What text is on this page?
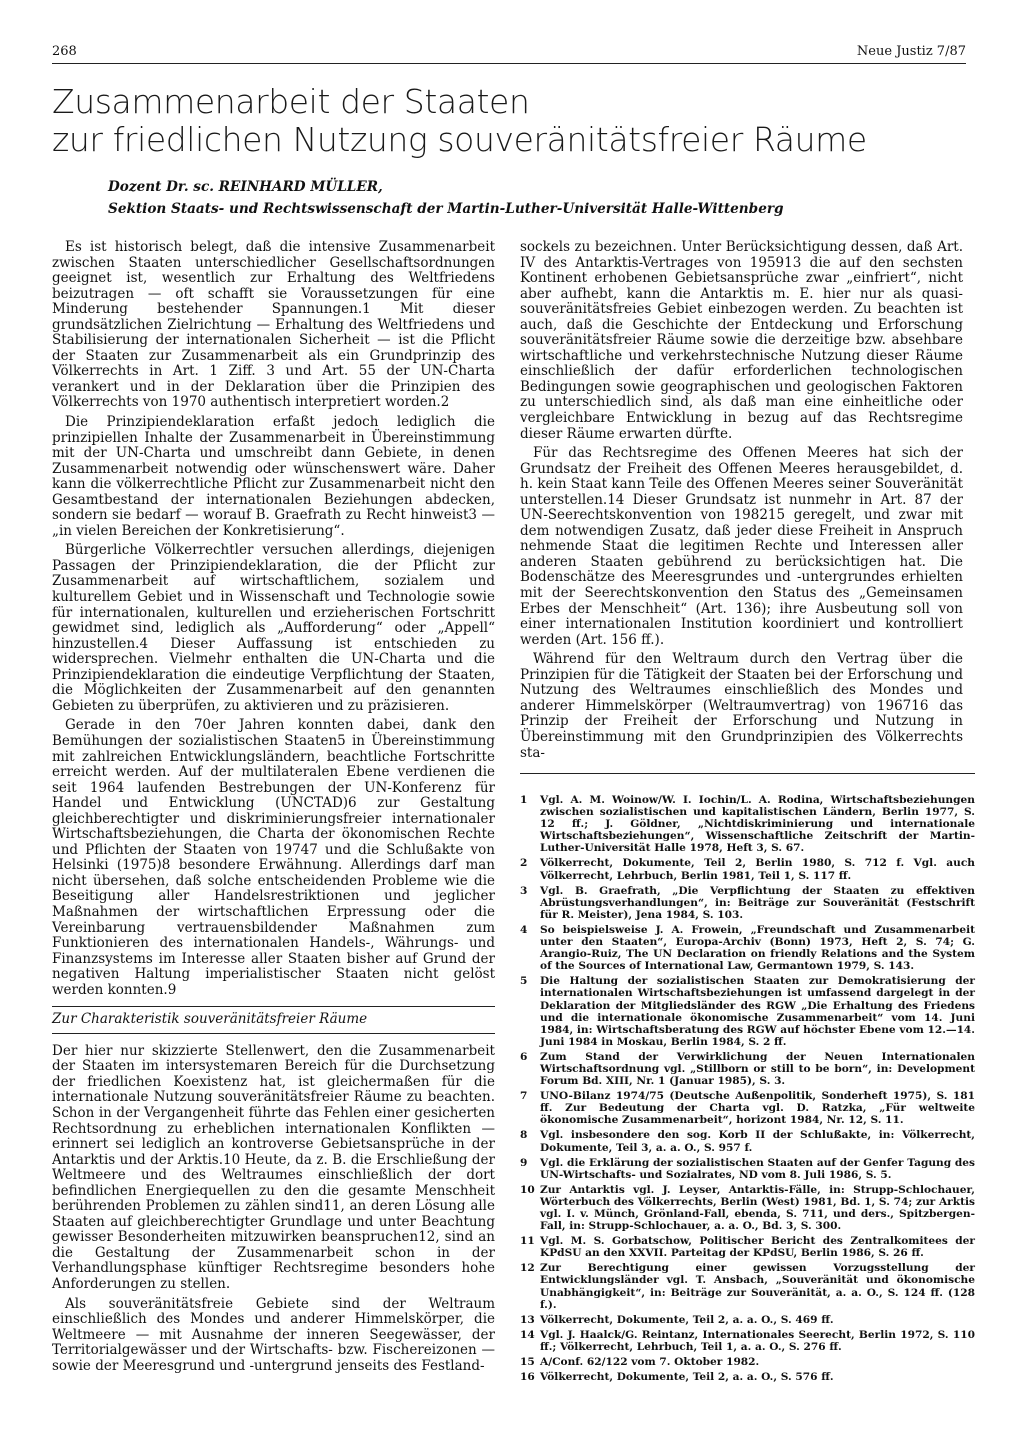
268	Neue Justiz 7/87
Zusammenarbeit der Staaten
zur friedlichen Nutzung souveränitätsfreier Räume
Dozent Dr. sc. REINHARD MÜLLER,
Sektion Staats- und Rechtswissenschaft der Martin-Luther-Universität Halle-Wittenberg

Es ist historisch belegt, daß die intensive Zusammenarbeit zwischen Staaten unterschiedlicher Gesellschaftsordnungen geeignet ist, wesentlich zur Erhaltung des Weltfriedens beizutragen — oft schafft sie Voraussetzungen für eine Minderung bestehender Spannungen.1 Mit dieser grundsätzlichen Zielrichtung — Erhaltung des Weltfriedens und Stabilisierung der internationalen Sicherheit — ist die Pflicht der Staaten zur Zusammenarbeit als ein Grundprinzip des Völkerrechts in Art. 1 Ziff. 3 und Art. 55 der UN-Charta verankert und in der Deklaration über die Prinzipien des Völkerrechts von 1970 authentisch interpretiert worden.2

Die Prinzipiendeklaration erfaßt jedoch lediglich die prinzipiellen Inhalte der Zusammenarbeit in Übereinstimmung mit der UN-Charta und umschreibt dann Gebiete, in denen Zusammenarbeit notwendig oder wünschenswert wäre. Daher kann die völkerrechtliche Pflicht zur Zusammenarbeit nicht den Gesamtbestand der internationalen Beziehungen abdecken, sondern sie bedarf — worauf B. Graefrath zu Recht hinweist3 — „in vielen Bereichen der Konkretisierung“.

Bürgerliche Völkerrechtler versuchen allerdings, diejenigen Passagen der Prinzipiendeklaration, die der Pflicht zur Zusammenarbeit auf wirtschaftlichem, sozialem und kulturellem Gebiet und in Wissenschaft und Technologie sowie für internationalen, kulturellen und erzieherischen Fortschritt gewidmet sind, lediglich als „Aufforderung“ oder „Appell“ hinzustellen.4 Dieser Auffassung ist entschieden zu widersprechen. Vielmehr enthalten die UN-Charta und die Prinzipiendeklaration die eindeutige Verpflichtung der Staaten, die Möglichkeiten der Zusammenarbeit auf den genannten Gebieten zu überprüfen, zu aktivieren und zu präzisieren.

Gerade in den 70er Jahren konnten dabei, dank den Bemühungen der sozialistischen Staaten5 in Übereinstimmung mit zahlreichen Entwicklungsländern, beachtliche Fortschritte erreicht werden. Auf der multilateralen Ebene verdienen die seit 1964 laufenden Bestrebungen der UN-Konferenz für Handel und Entwicklung (UNCTAD)6 zur Gestaltung gleichberechtigter und diskriminierungsfreier internationaler Wirtschaftsbeziehungen, die Charta der ökonomischen Rechte und Pflichten der Staaten von 19747 und die Schlußakte von Helsinki (1975)8 besondere Erwähnung. Allerdings darf man nicht übersehen, daß solche entscheidenden Probleme wie die Beseitigung aller Handelsrestriktionen und jeglicher Maßnahmen der wirtschaftlichen Erpressung oder die Vereinbarung vertrauensbildender Maßnahmen zum Funktionieren des internationalen Handels-, Währungs- und Finanzsystems im Interesse aller Staaten bisher auf Grund der negativen Haltung imperialistischer Staaten nicht gelöst werden konnten.9

Zur Charakteristik souveränitätsfreier Räume

Der hier nur skizzierte Stellenwert, den die Zusammenarbeit der Staaten im intersystemaren Bereich für die Durchsetzung der friedlichen Koexistenz hat, ist gleichermaßen für die internationale Nutzung souveränitätsfreier Räume zu beachten. Schon in der Vergangenheit führte das Fehlen einer gesicherten Rechtsordnung zu erheblichen internationalen Konflikten — erinnert sei lediglich an kontroverse Gebietsansprüche in der Antarktis und der Arktis.10 Heute, da z. B. die Erschließung der Weltmeere und des Weltraumes einschließlich der dort befindlichen Energiequellen zu den die gesamte Menschheit berührenden Problemen zu zählen sind11, an deren Lösung alle Staaten auf gleichberechtigter Grundlage und unter Beachtung gewisser Besonderheiten mitzuwirken beanspruchen12, sind an die Gestaltung der Zusammenarbeit schon in der Verhandlungsphase künftiger Rechtsregime besonders hohe Anforderungen zu stellen.

Als souveränitätsfreie Gebiete sind der Weltraum einschließlich des Mondes und anderer Himmelskörper, die Weltmeere — mit Ausnahme der inneren Seegewässer, der Territorialgewässer und der Wirtschafts- bzw. Fischereizonen — sowie der Meeresgrund und -untergrund jenseits des Festland-

sockels zu bezeichnen. Unter Berücksichtigung dessen, daß Art. IV des Antarktis-Vertrages von 195913 die auf den sechsten Kontinent erhobenen Gebietsansprüche zwar „einfriert“, nicht aber aufhebt, kann die Antarktis m. E. hier nur als quasi-souveränitätsfreies Gebiet einbezogen werden. Zu beachten ist auch, daß die Geschichte der Entdeckung und Erforschung souveränitätsfreier Räume sowie die derzeitige bzw. absehbare wirtschaftliche und verkehrstechnische Nutzung dieser Räume einschließlich der dafür erforderlichen technologischen Bedingungen sowie geographischen und geologischen Faktoren zu unterschiedlich sind, als daß man eine einheitliche oder vergleichbare Entwicklung in bezug auf das Rechtsregime dieser Räume erwarten dürfte.

Für das Rechtsregime des Offenen Meeres hat sich der Grundsatz der Freiheit des Offenen Meeres herausgebildet, d. h. kein Staat kann Teile des Offenen Meeres seiner Souveränität unterstellen.14 Dieser Grundsatz ist nunmehr in Art. 87 der UN-Seerechtskonvention von 198215 geregelt, und zwar mit dem notwendigen Zusatz, daß jeder diese Freiheit in Anspruch nehmende Staat die legitimen Rechte und Interessen aller anderen Staaten gebührend zu berücksichtigen hat. Die Bodenschätze des Meeresgrundes und -untergrundes erhielten mit der Seerechtskonvention den Status des „Gemeinsamen Erbes der Menschheit“ (Art. 136); ihre Ausbeutung soll von einer internationalen Institution koordiniert und kontrolliert werden (Art. 156 ff.).

Während für den Weltraum durch den Vertrag über die Prinzipien für die Tätigkeit der Staaten bei der Erforschung und Nutzung des Weltraumes einschließlich des Mondes und anderer Himmelskörper (Weltraumvertrag) von 196716 das Prinzip der Freiheit der Erforschung und Nutzung in Übereinstimmung mit den Grundprinzipien des Völkerrechts sta-

1	Vgl. A. M. Woinow/W. I. Iochin/L. A. Rodina, Wirtschaftsbeziehungen zwischen sozialistischen und kapitalistischen Ländern, Berlin 1977, S. 12 ff.; J. Göldner, „Nichtdiskriminierung und internationale Wirtschaftsbeziehungen“, Wissenschaftliche Zeitschrift der Martin-Luther-Universität Halle 1978, Heft 3, S. 67.
2	Völkerrecht, Dokumente, Teil 2, Berlin 1980, S. 712 f. Vgl. auch Völkerrecht, Lehrbuch, Berlin 1981, Teil 1, S. 117 ff.
3	Vgl. B. Graefrath, „Die Verpflichtung der Staaten zu effektiven Abrüstungsverhandlungen“, in: Beiträge zur Souveränität (Festschrift für R. Meister), Jena 1984, S. 103.
4	So beispielsweise J. A. Frowein, „Freundschaft und Zusammenarbeit unter den Staaten“, Europa-Archiv (Bonn) 1973, Heft 2, S. 74; G. Arangio-Ruiz, The UN Declaration on friendly Relations and the System of the Sources of International Law, Germantown 1979, S. 143.
5	Die Haltung der sozialistischen Staaten zur Demokratisierung der internationalen Wirtschaftsbeziehungen ist umfassend dargelegt in der Deklaration der Mitgliedsländer des RGW „Die Erhaltung des Friedens und die internationale ökonomische Zusammenarbeit“ vom 14. Juni 1984, in: Wirtschaftsberatung des RGW auf höchster Ebene vom 12.—14. Juni 1984 in Moskau, Berlin 1984, S. 2 ff.
6	Zum Stand der Verwirklichung der Neuen Internationalen Wirtschaftsordnung vgl. „Stillborn or still to be born“, in: Development Forum Bd. XIII, Nr. 1 (Januar 1985), S. 3.
7	UNO-Bilanz 1974/75 (Deutsche Außenpolitik, Sonderheft 1975), S. 181 ff. Zur Bedeutung der Charta vgl. D. Ratzka, „Für weltweite ökonomische Zusammenarbeit“, horizont 1984, Nr. 12, S. 11.
8	Vgl. insbesondere den sog. Korb II der Schlußakte, in: Völkerrecht, Dokumente, Teil 3, a. a. O., S. 957 f.
9	Vgl. die Erklärung der sozialistischen Staaten auf der Genfer Tagung des UN-Wirtschafts- und Sozialrates, ND vom 8. Juli 1986, S. 5.
10 Zur Antarktis vgl. J. Leyser, Antarktis-Fälle, in: Strupp-Schlochauer, Wörterbuch des Völkerrechts, Berlin (West) 1981, Bd. 1, S. 74; zur Arktis vgl. I. v. Münch, Grönland-Fall, ebenda, S. 711, und ders., Spitzbergen-Fall, in: Strupp-Schlochauer, a. a. O., Bd. 3, S. 300.
11 Vgl. M. S. Gorbatschow, Politischer Bericht des Zentralkomitees der KPdSU an den XXVII. Parteitag der KPdSU, Berlin 1986, S. 26 ff.
12 Zur Berechtigung einer gewissen Vorzugsstellung der Entwicklungsländer vgl. T. Ansbach, „Souveränität und ökonomische Unabhängigkeit“, in: Beiträge zur Souveränität, a. a. O., S. 124 ff. (128 f.).
13 Völkerrecht, Dokumente, Teil 2, a. a. O., S. 469 ff.
14 Vgl. J. Haalck/G. Reintanz, Internationales Seerecht, Berlin 1972, S. 110 ff.; Völkerrecht, Lehrbuch, Teil 1, a. a. O., S. 276 ff.
15 A/Conf. 62/122 vom 7. Oktober 1982.
16 Völkerrecht, Dokumente, Teil 2, a. a. O., S. 576 ff.
